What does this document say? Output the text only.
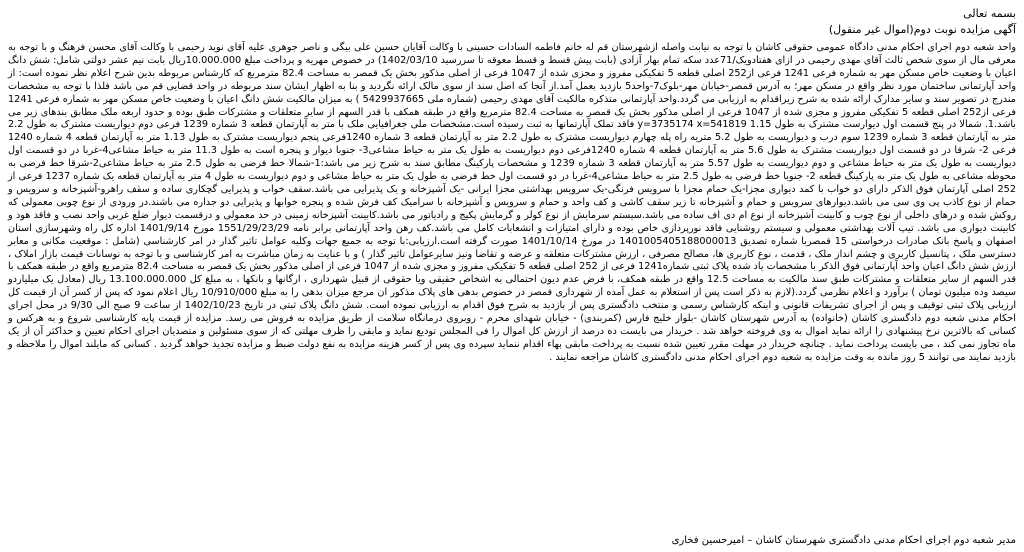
بسمه تعالی
آگهی مزایده نوبت دوم(اموال غیر منقول)
واحد شعبه دوم اجرای احکام مدنی دادگاه عمومی حقوقی کاشان با توجه به نیابت واصله ازشهرستان قم له خانم فاطمه السادات حسینی با وکالت آقایان حسین علی بیگی و ناصر جوهری علیه آقای نوید رحیمی با وکالت آقای محسن فرهنگ و با توجه به معرفی مال از سوی شخص ثالث آقای مهدی رحیمی در ازای هفتادویک/71عدد سکه تمام بهار آزادی (بابت پیش قسط و قسط معوقه تا سررسید 1402/03/10) در خصوص مهریه و پرداخت مبلغ 10.000.000ریال بابت نیم عشر دولتی شامل: شش دانگ اعیان با وضعیت خاص مسکن مهر به شماره فرعی 1241 فرعی از252 اصلی قطعه 5 تفکیکی مفروز و مجزی شده از 1047 فرعی از اصلی مذکور بخش یک قمصر به مساحت 82.4 مترمربع که کارشناس مربوطه بدین شرح اعلام نظر نموده است: از واحد آپارتمانی ساختمان مورد نظر واقع در مسکن مهر؛ به آدرس قمصر-خیابان مهر-بلوک7-واحد5 بازدید بعمل آمد.از آنجا که اصل سند از سوی مالک ارائه نگردید و بنا به اظهار ایشان سند مربوطه در واحد قضایی قم می باشد فلذا با توجه به مشخصات مندرج در تصویر سند و سایر مدارک ارائه شده به شرح زیراقدام به ارزیابی می گردد.واحد آپارتمانی متذکره مالکیت آقای مهدی رحیمی (شماره ملی 5429937665 ) به میزان مالکیت شش دانگ اعیان با وضعیت خاص مسکن مهر به شماره فرعی 1241 فرعی از252 اصلی قطعه 5 تفکیکی مفروز و مجزی شده از 1047 فرعی از اصلی مذکور بخش یک قمصر به مساحت 82.4 مترمربع واقع در طبقه همکف با قدر السهم از سایر متعلقات و مشترکات طبق بوده و حدود اربعه ملک مطابق بندهای زیر می باشد.1. شمالا در پنج قسمت اول دیوارست مشترک به طول 1.15 y=3735174 x=541819 فاقد تملک آپارتمانها به ثبت رسیده است.مشخصات ملی جغرافیایی ملک با متر به آپارتمان قطعه 3 شماره 1239 فرعی دوم دیواریست مشترک به طول 2.2 متر به آپارتمان قطعه 3 شماره 1239 سوم درب و دیواریست به طول 5.2 متریه راه پله چهارم دیواریست مشترک به طول 2.2 متر به آپارتمان قطعه 3 شماره 1240فرعی پنجم دیواریست مشترک به طول 1.13 متر به آپارتمان قطعه 4 شماره 1240 فرعی 2- شرقا در دو قسمت اول دیواریست مشترک به طول 5.6 متر به آپارتمان قطعه 4 شماره 1240فرعی دوم دیواریست به طول یک متر به حیاط مشاعی3- جنوبا دیوار و پنجره است به طول 11.3 متر به حیاط مشاعی4-غربا در دو قسمت اول دیواریست به طول یک متر به حیاط مشاعی و دوم دیواریست به طول 5.57 متر به آپارتمان قطعه 3 شماره 1239 و مشخصات پارکینگ مطابق سند به شرح زیر می باشد:1-شمالا خط فرضی به طول 2.5 متر به حیاط مشاعی2-شرقا خط فرضی به محوطه مشاعی به طول یک متر به پارکینگ قطعه 2- جنوبا خط فرضی به طول 2.5 متر به حیاط مشاعی4-غربا در دو قسمت اول خط فرضی به طول یک متر به حیاط مشاعی و دوم دیواریست به طول 4 متر به آپارتمان قطعه یک شماره 1237 فرعی از 252 اصلی آپارتمان فوق الذکر دارای دو خواب با کمد دیواری مجزا-یک حمام مجزا با سرویس فرنگی-یک سرویس بهداشتی مجزا ایرانی -یک آشپزخانه و یک پذیرایی می باشد.سقف خواب و پذیرایی گچکاری ساده و سقف راهرو-آشپزخانه و سرویس و حمام از نوع کاذب پی وی سی می باشد.دیوارهای سرویس و حمام و آشپزخانه تا زیر سقف کاشی و کف واحد و حمام و سرویس و آشپزخانه با سرامیک کف فرش شده و پنجره خوابها و پذیرایی دو جداره می باشند.در ورودی از نوع چوبی معمولی که روکش شده و درهای داخلی از نوع چوب و کابینت آشپزخانه از نوع ام دی اف ساده می باشد.سیستم سرمایش از نوع کولر و گرمایش پکیج و رادیاتور می باشد.کابینت آشپزخانه زمینی در حد معمولی و درقسمت دیوار ضلع غربی واحد نصب و فاقد هود و کابینت دیواری می باشد. تیپ آلات بهداشتی معمولی و سیستم روشنایی فاقد نورپردازی خاص بوده و دارای امتیازات و انشعابات کامل می باشد.کف رهن واحد آپارتمانی برابر نامه 1551/29/23/29 مورخ 1401/9/14 اداره کل راه وشهرسازی استان اصفهان و پاسخ بانک صادرات درخواستی 15 قمصربا شماره تصدیق 1401005405188000013 در مورخ 1401/10/14 صورت گرفته است.ارزیابی:با توجه به جمیع جهات وکلیه عوامل تاثیر گذار در امر کارشناسی (شامل : موقعیت مکانی و معابر دسترسی ملک ، پتانسیل کاربری و چشم انداز ملک ، قدمت ، نوع کاربری ها، مصالح مصرفی ، ارزش مشترکات متعلقه و عرضه و تقاضا ونیز سایرعوامل تاثیر گذار ) و با عنایت به زمان مباشرت به امر کارشناسی و با توجه به نوسانات قیمت بازار املاک ، ارزش شش دانگ اعیان واحد آپارتمانی فوق الذکر با مشخصات یاد شده پلاک ثبتی شماره1241 فرعی از 252 اصلی قطعه 5 تفکیکی مفروز و مجزی شده از 1047 فرعی از اصلی مذکور بخش یک قمصر به مساحت 82.4 مترمربع واقع در طبقه همکف با قدر السهم از سایر متعلقات و مشترکات طبق سند مالکیت به مساحت 12.5 واقع در طبقه همکف، با فرض عدم دیون احتمالی به اشخاص حقیقی ویا حقوقی از قبیل شهرداری ، ارگانها و بانکها ، به مبلغ کل 13.100.000.000 ریال (معادل یک میلیاردو سیصد وده میلیون تومان ) برآورد و اعلام نظرمی گردد.(لازم به ذکر است پس از استعلام به عمل آمده از شهرداری قمصر در خصوص بدهی های پلاک مذکور ان مرجع میزان بدهی را به مبلغ 10/910/000 ریال اعلام نمود که پس از کسر آن از قیمت کل ارزیابی پلاک ثبتی توقیف و پس از اجرای تشریفات قانونی و ابنکه کارشناس رسمی و منتخب دادگستری پس از بازدید به شرح فوق اقدام به ارزیابی نموده است. شش دانگ پلاک ثبتی در تاریخ 1402/10/23 از ساعت 9 صبح الی 9/30 در محل اجرای احکام مدنی شعبه دوم دادگستری کاشان (خانواده) به آدرس شهرستان کاشان -بلوار خلیج فارس (کمربندی) - خیابان شهدای محرم - روبروی درمانگاه سلامت از طریق مزایده به فروش می رسد. مزایده از قیمت پایه کارشناسی شروع و به هرکس و کسانی که بالاترین نرخ پیشنهادی را ارائه نماید اموال به وی فروخته خواهد شد . خریدار می بایست ده درصد از ارزش کل اموال را فی المجلس تودیع نماید و مابقی را ظرف مهلتی که از سوی مسئولین و متصدیان اجرای احکام تعیین و حداکثر آن از یک ماه تجاوز نمی کند ، می بایست پرداخت نماید . چنانچه خریدار در مهلت مقرر تعیین شده نسبت به پرداخت مابقی بهاء اقدام ننماید سپرده وی پس از کسر هزینه مزایده به نفع دولت ضبط و مزایده تجدید خواهد گردید . کسانی که مایلند اموال را ملاحظه و بازدید نمایند می توانند 5 روز مانده به وقت مزایده به شعبه دوم اجرای احکام مدنی دادگستری کاشان مراجعه نمایند .
مدیر شعبه دوم اجرای احکام مدنی دادگستری شهرستان کاشان – امیرحسین فخاری
